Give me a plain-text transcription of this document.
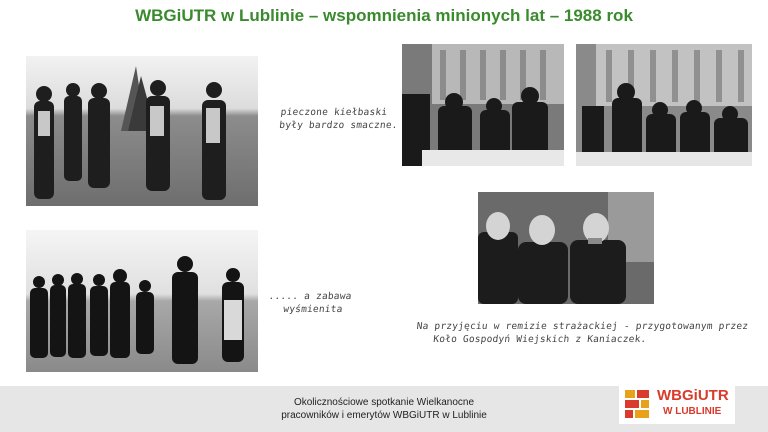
WBGiUTR w Lublinie – wspomnienia minionych lat – 1988 rok
pieczone kiełbaski
były bardzo smaczne.
..... a zabawa
wyśmienita
Na przyjęciu w remizie strażackiej - przygotowanym przez
Koło Gospodyń Wiejskich z Kaniaczek.
Okolicznościowe spotkanie Wielkanocne
pracowników i emerytów WBGiUTR w Lublinie
WBGiUTR
W LUBLINIE
